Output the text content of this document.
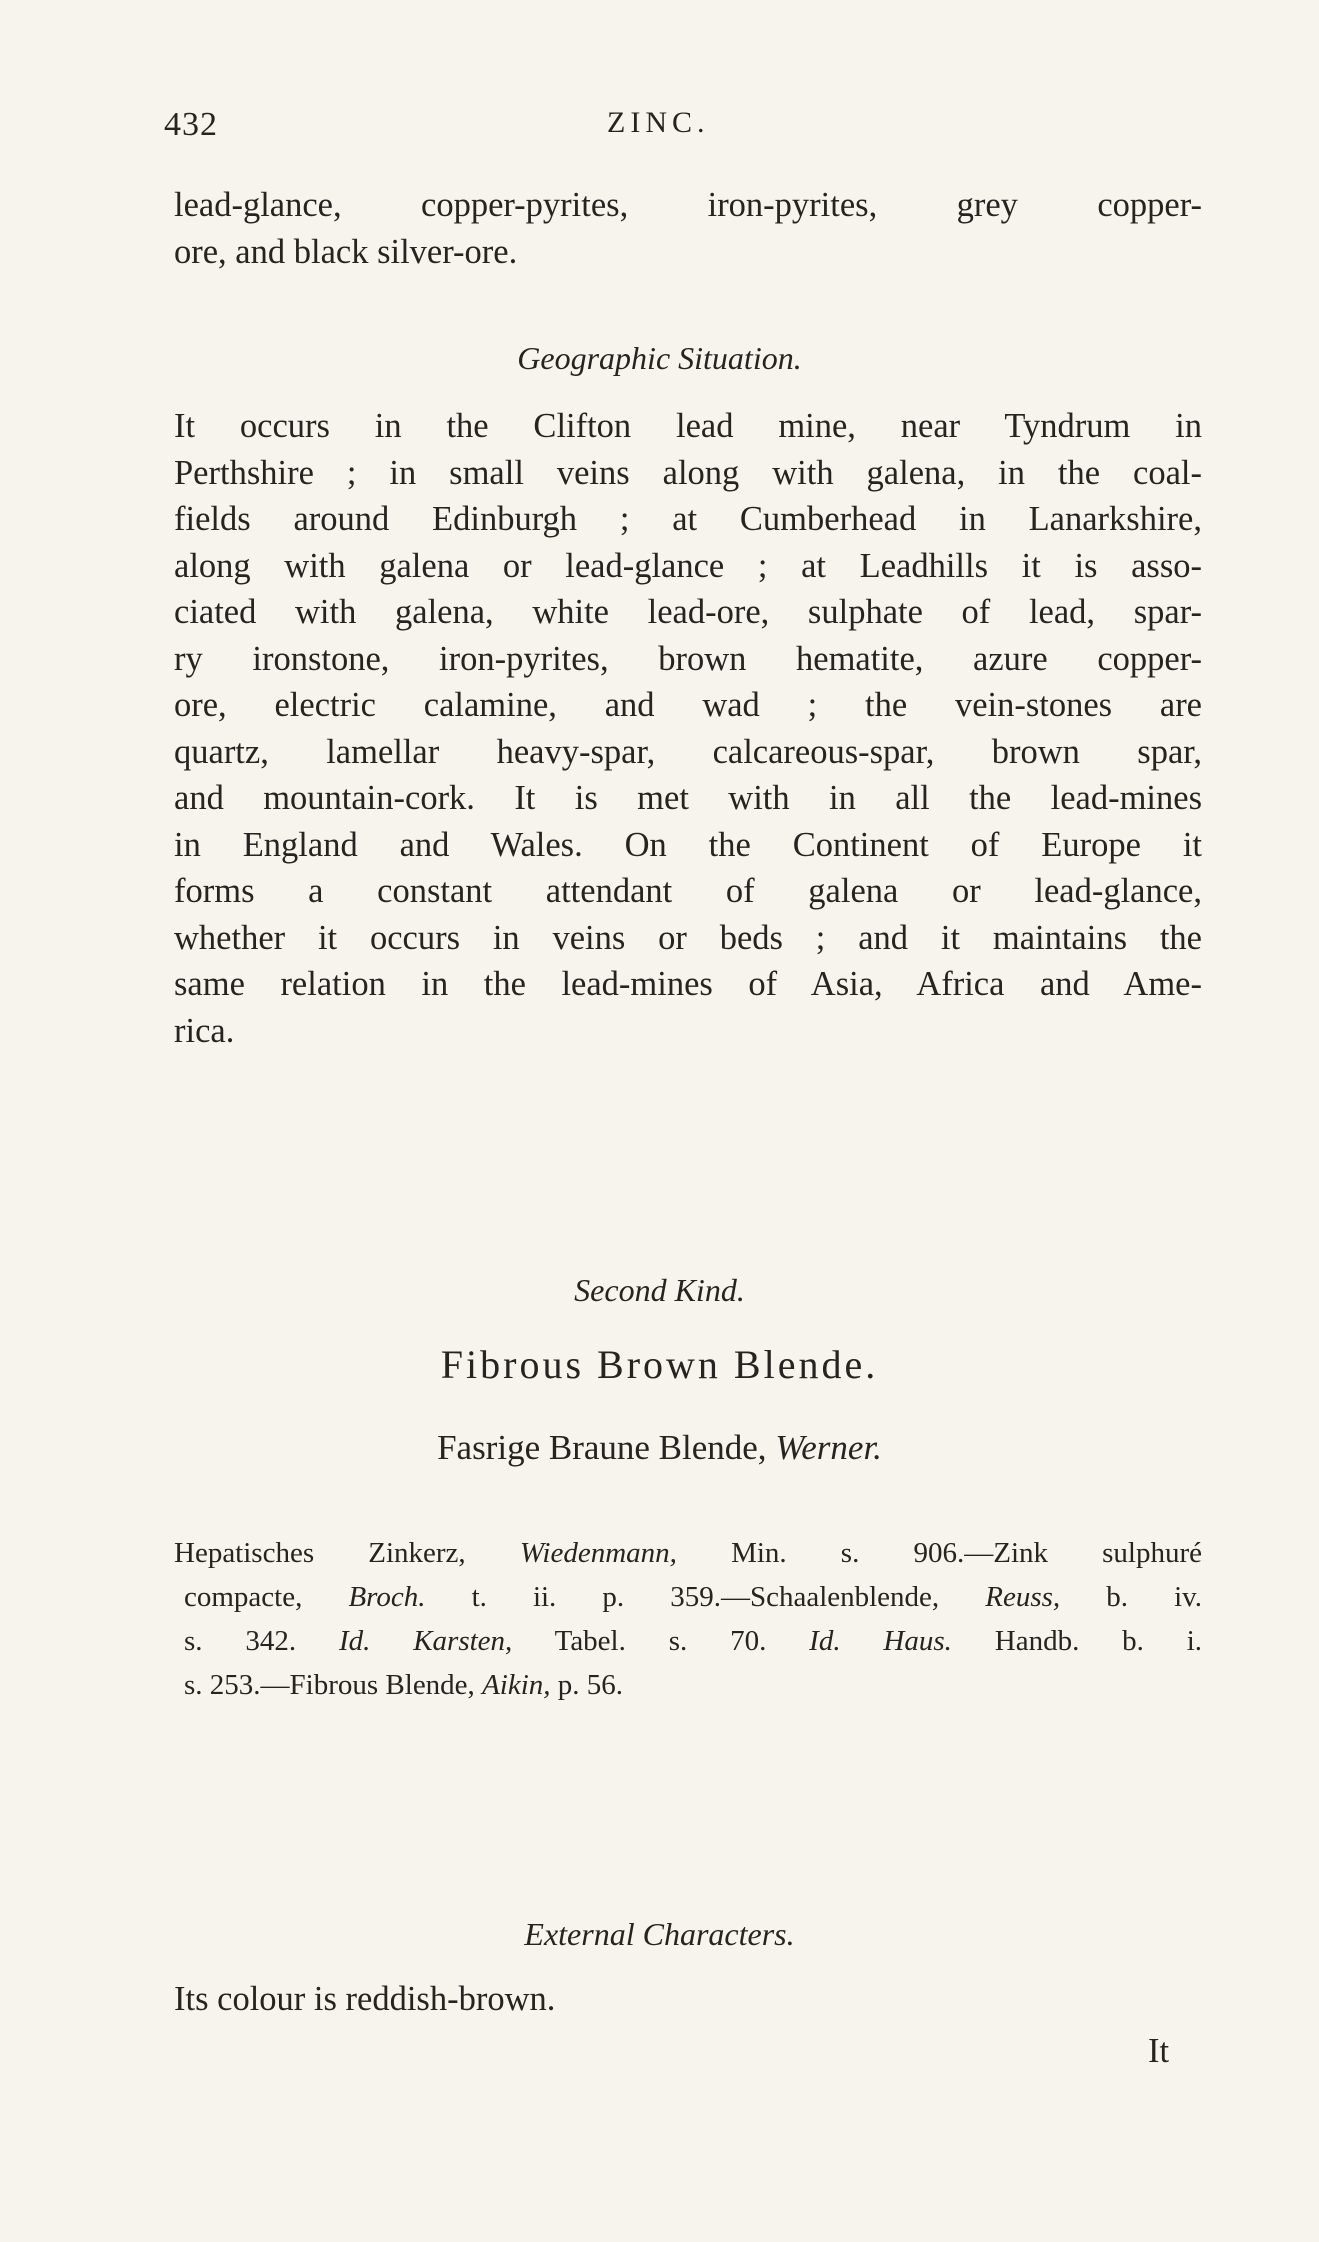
432	ZINC.

lead-glance, copper-pyrites, iron-pyrites, grey copper-
ore, and black silver-ore.

Geographic Situation.

It occurs in the Clifton lead mine, near Tyndrum in
Perthshire ; in small veins along with galena, in the coal-
fields around Edinburgh ; at Cumberhead in Lanarkshire,
along with galena or lead-glance ; at Leadhills it is asso-
ciated with galena, white lead-ore, sulphate of lead, spar-
ry ironstone, iron-pyrites, brown hematite, azure copper-
ore, electric calamine, and wad ; the vein-stones are
quartz, lamellar heavy-spar, calcareous-spar, brown spar,
and mountain-cork. It is met with in all the lead-mines
in England and Wales. On the Continent of Europe it
forms a constant attendant of galena or lead-glance,
whether it occurs in veins or beds ; and it maintains the
same relation in the lead-mines of Asia, Africa and Ame-
rica.

Second Kind.

Fibrous Brown Blende.

Fasrige Braune Blende, Werner.

Hepatisches Zinkerz, Wiedenmann, Min. s. 906.—Zink sulphuré
compacte, Broch. t. ii. p. 359.—Schaalenblende, Reuss, b. iv.
s. 342. Id. Karsten, Tabel. s. 70. Id. Haus. Handb. b. i.
s. 253.—Fibrous Blende, Aikin, p. 56.

External Characters.

Its colour is reddish-brown.

It
